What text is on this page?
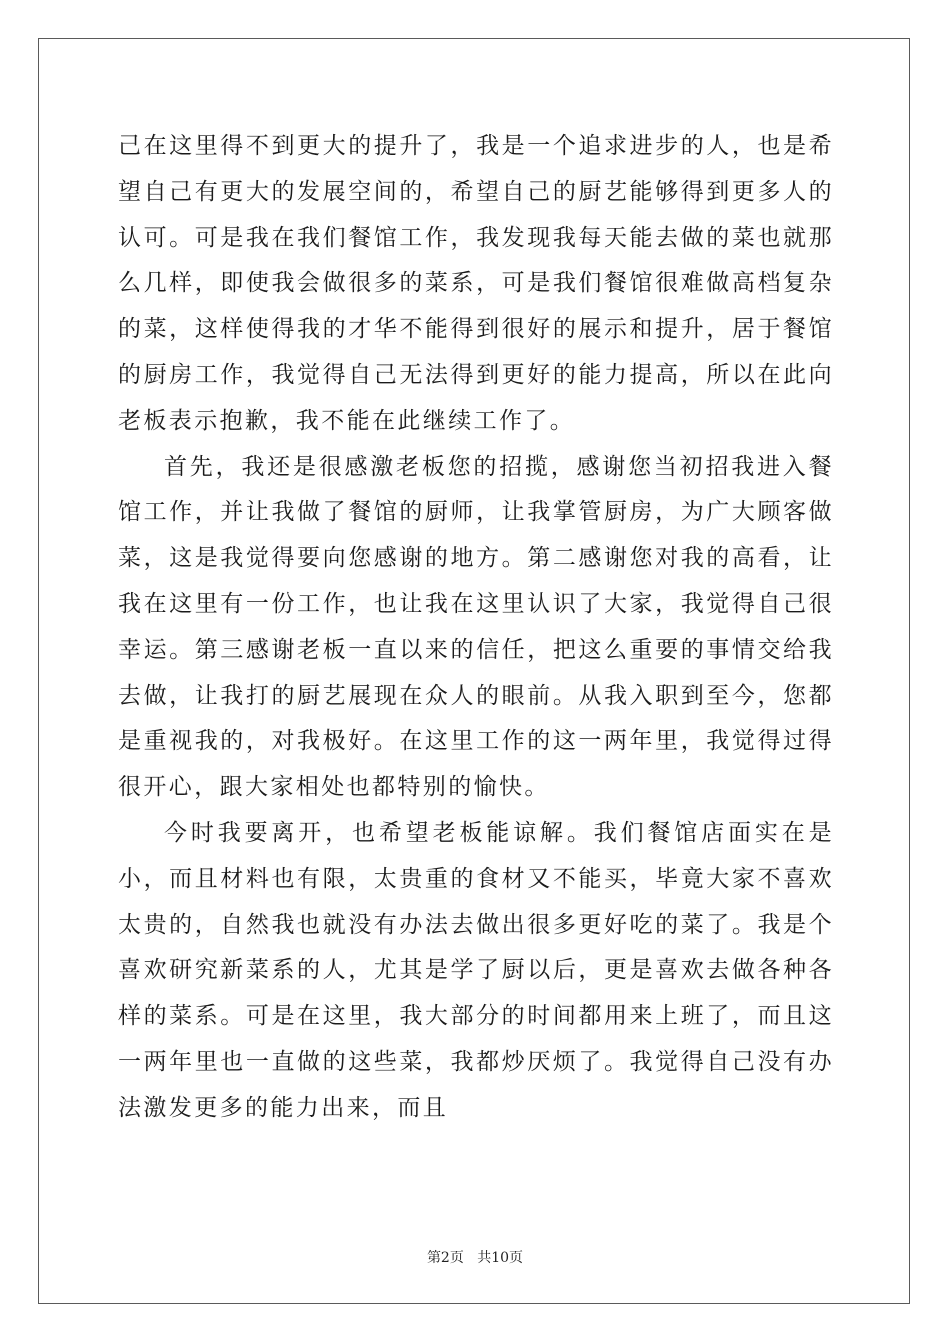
己在这里得不到更大的提升了，我是一个追求进步的人，也是希望自己有更大的发展空间的，希望自己的厨艺能够得到更多人的认可。可是我在我们餐馆工作，我发现我每天能去做的菜也就那么几样，即使我会做很多的菜系，可是我们餐馆很难做高档复杂的菜，这样使得我的才华不能得到很好的展示和提升，居于餐馆的厨房工作，我觉得自己无法得到更好的能力提高，所以在此向老板表示抱歉，我不能在此继续工作了。

首先，我还是很感激老板您的招揽，感谢您当初招我进入餐馆工作，并让我做了餐馆的厨师，让我掌管厨房，为广大顾客做菜，这是我觉得要向您感谢的地方。第二感谢您对我的高看，让我在这里有一份工作，也让我在这里认识了大家，我觉得自己很幸运。第三感谢老板一直以来的信任，把这么重要的事情交给我去做，让我打的厨艺展现在众人的眼前。从我入职到至今，您都是重视我的，对我极好。在这里工作的这一两年里，我觉得过得很开心，跟大家相处也都特别的愉快。

今时我要离开，也希望老板能谅解。我们餐馆店面实在是小，而且材料也有限，太贵重的食材又不能买，毕竟大家不喜欢太贵的，自然我也就没有办法去做出很多更好吃的菜了。我是个喜欢研究新菜系的人，尤其是学了厨以后，更是喜欢去做各种各样的菜系。可是在这里，我大部分的时间都用来上班了，而且这一两年里也一直做的这些菜，我都炒厌烦了。我觉得自己没有办法激发更多的能力出来，而且

第2页 共10页
